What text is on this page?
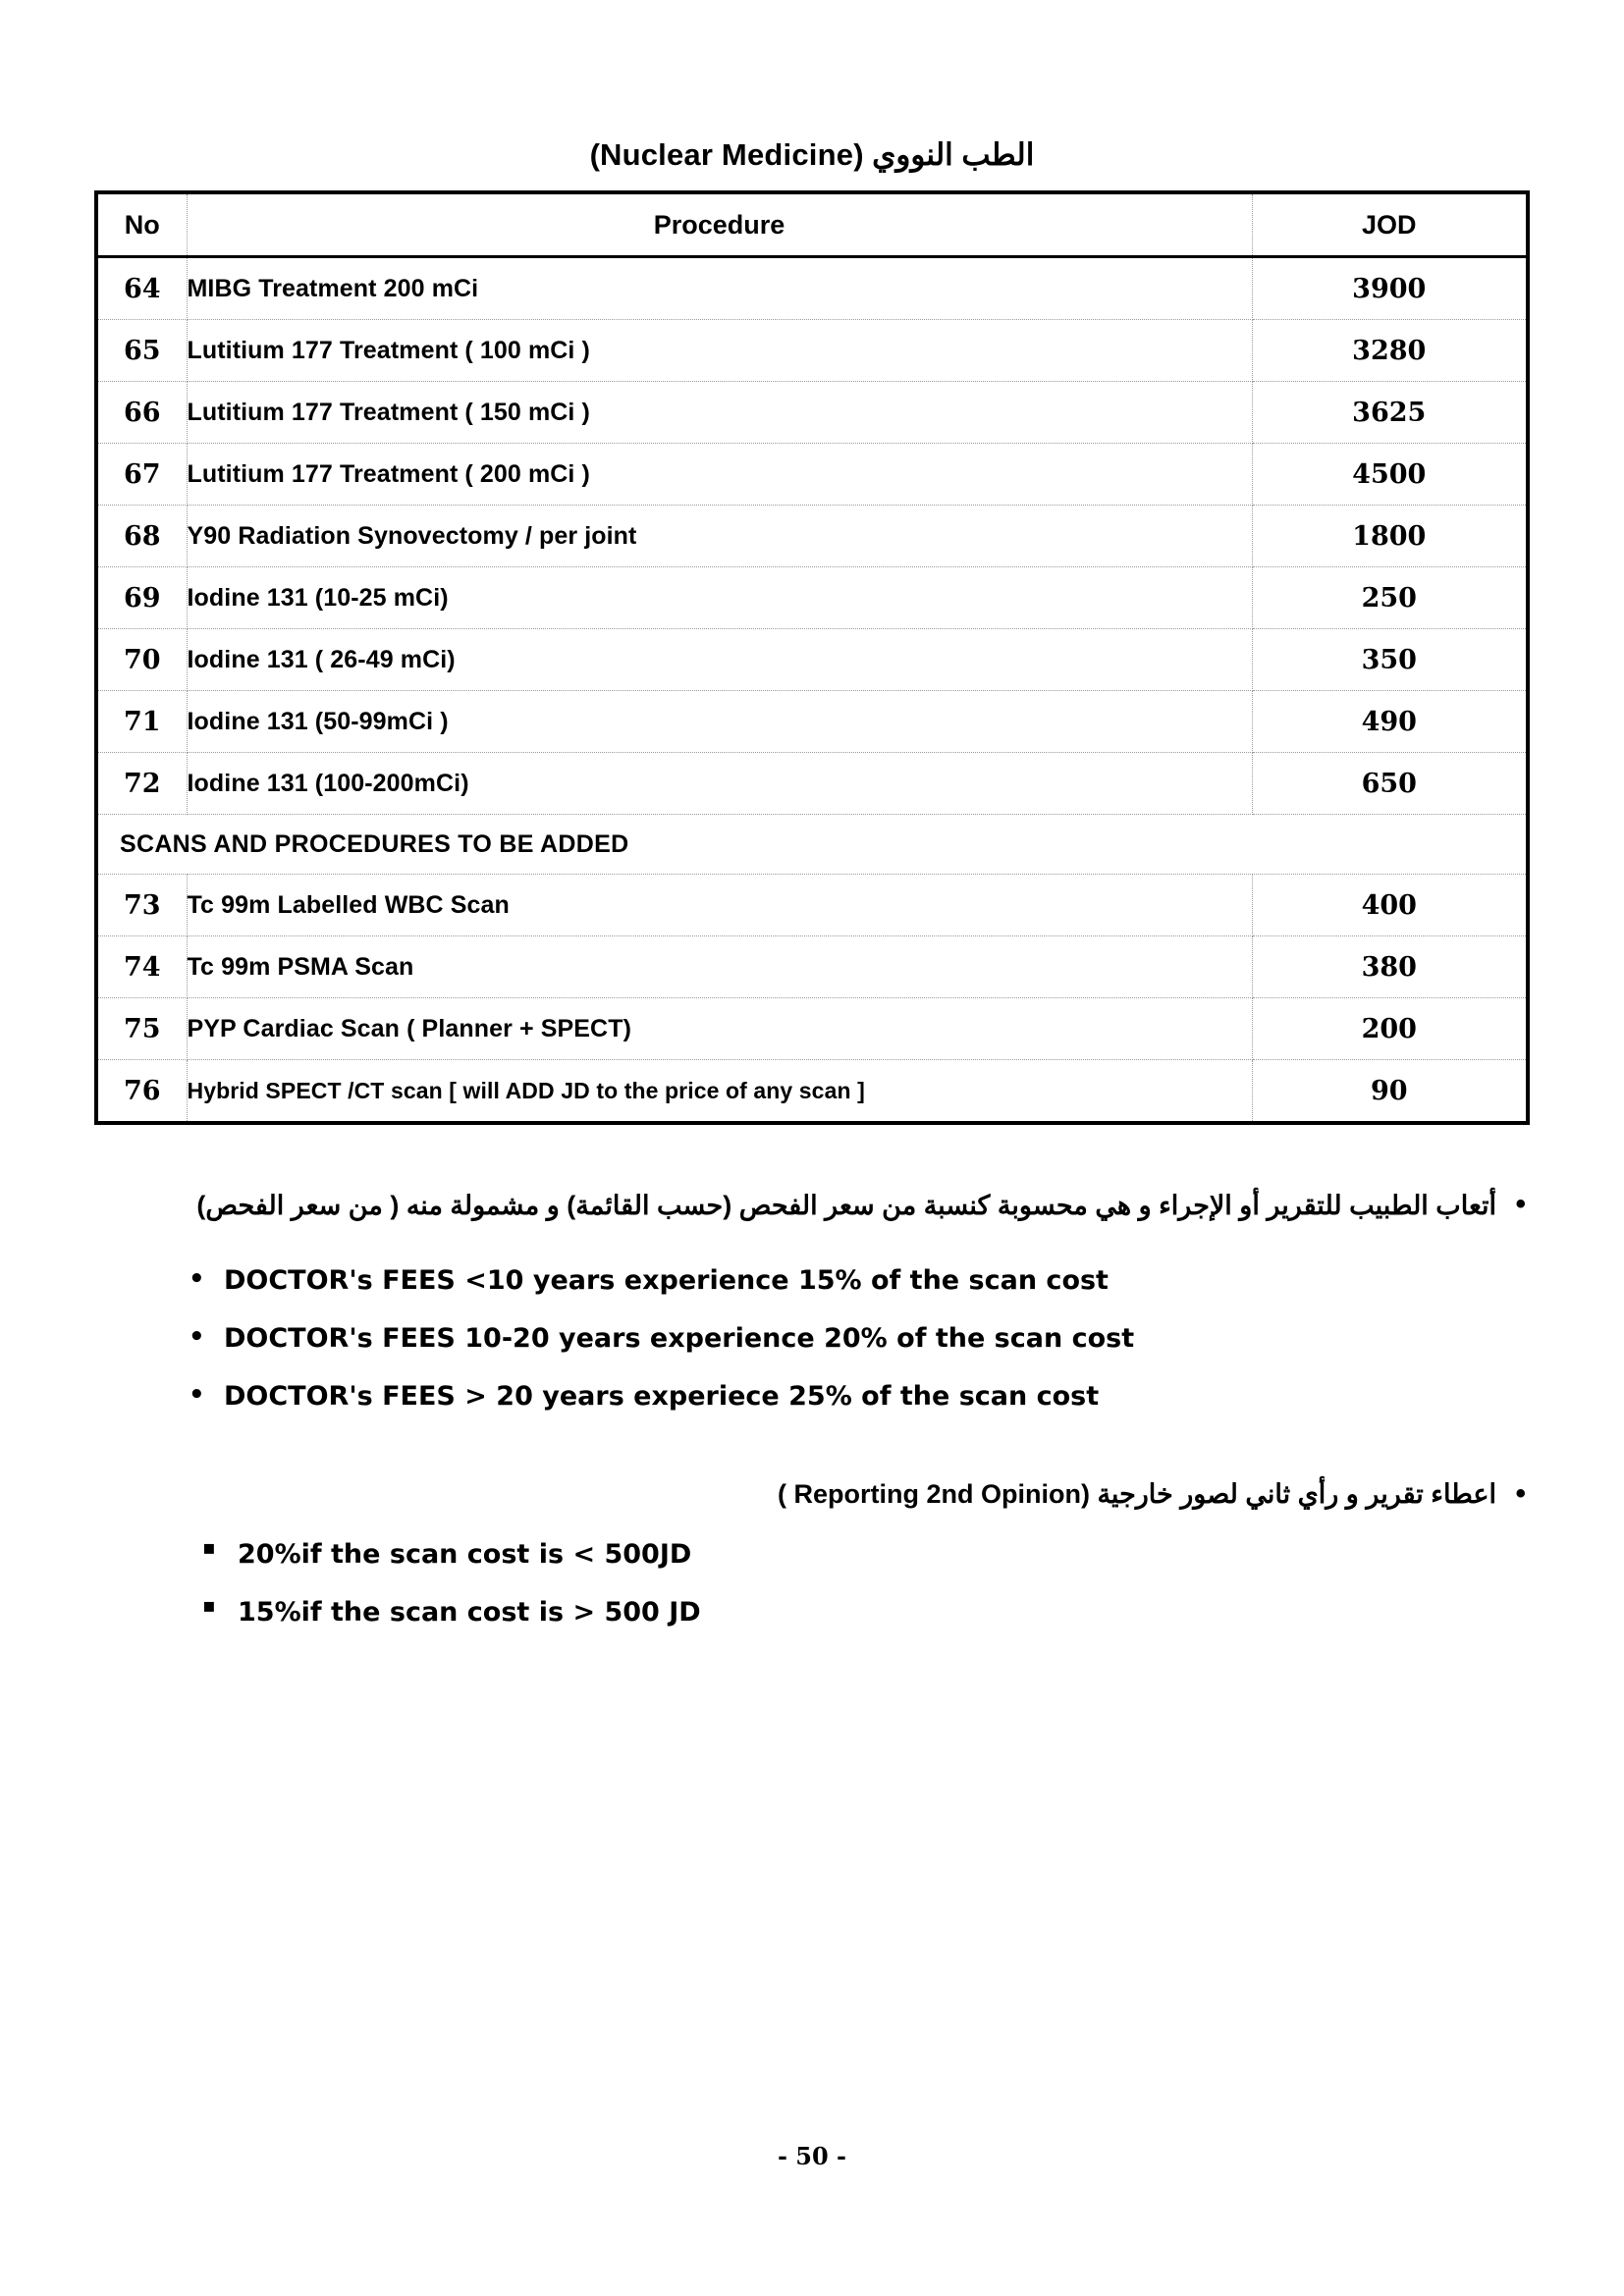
الطب النووي (Nuclear Medicine)
No	Procedure	JOD
64	MIBG Treatment 200 mCi	3900
65	Lutitium 177 Treatment ( 100 mCi )	3280
66	Lutitium 177 Treatment ( 150 mCi )	3625
67	Lutitium 177 Treatment ( 200 mCi )	4500
68	Y90 Radiation Synovectomy / per joint	1800
69	Iodine 131 (10-25 mCi)	250
70	Iodine 131 ( 26-49 mCi)	350
71	Iodine 131 (50-99mCi )	490
72	Iodine 131 (100-200mCi)	650
SCANS AND PROCEDURES TO BE ADDED		
73	Tc 99m Labelled WBC Scan	400
74	Tc 99m PSMA Scan	380
75	PYP Cardiac Scan ( Planner + SPECT)	200
76	Hybrid SPECT /CT scan [ will ADD JD to the price of any scan ]	90
• أتعاب الطبيب للتقرير أو الإجراء و هي محسوبة كنسبة من سعر الفحص (حسب القائمة) و مشمولة منه ( من سعر الفحص)
• DOCTOR's FEES <10 years experience 15% of the scan cost
• DOCTOR's FEES 10-20 years experience 20% of the scan cost
• DOCTOR's FEES > 20 years experiece 25% of the scan cost
• اعطاء تقرير و رأي ثاني لصور خارجية (Reporting 2nd Opinion )
▪ 20%if the scan cost is < 500JD
▪ 15%if the scan cost is > 500 JD
- 50 -
